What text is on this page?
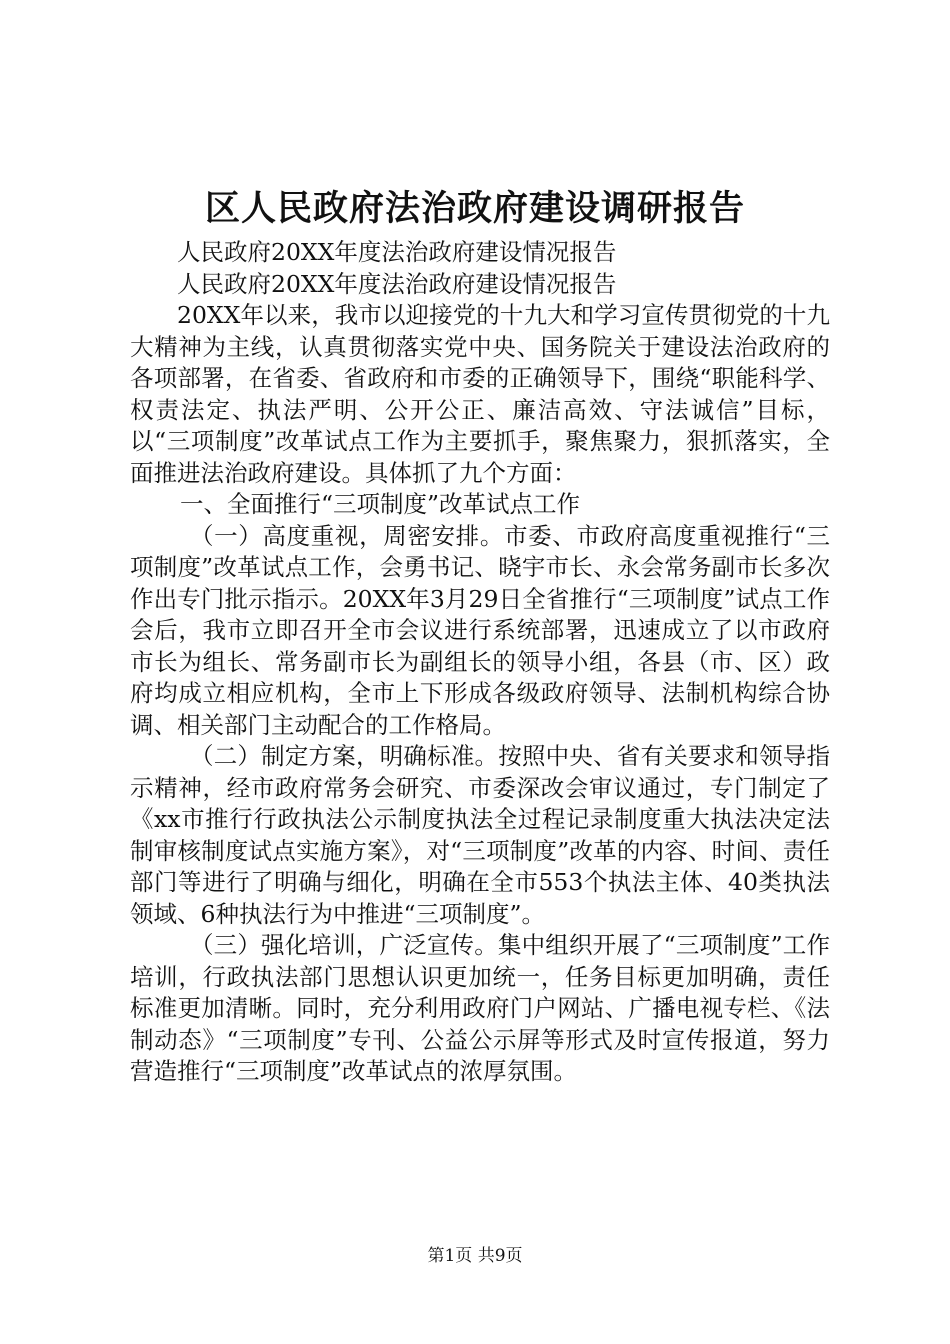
区人民政府法治政府建设调研报告

人民政府20XX年度法治政府建设情况报告

人民政府20XX年度法治政府建设情况报告

20XX年以来，我市以迎接党的十九大和学习宣传贯彻党的十九大精神为主线，认真贯彻落实党中央、国务院关于建设法治政府的各项部署，在省委、省政府和市委的正确领导下，围绕“职能科学、权责法定、执法严明、公开公正、廉洁高效、守法诚信”目标，以“三项制度”改革试点工作为主要抓手，聚焦聚力，狠抓落实，全面推进法治政府建设。具体抓了九个方面：

一、全面推行“三项制度”改革试点工作

（一）高度重视，周密安排。市委、市政府高度重视推行“三项制度”改革试点工作，会勇书记、晓宇市长、永会常务副市长多次作出专门批示指示。20XX年3月29日全省推行“三项制度”试点工作会后，我市立即召开全市会议进行系统部署，迅速成立了以市政府市长为组长、常务副市长为副组长的领导小组，各县（市、区）政府均成立相应机构，全市上下形成各级政府领导、法制机构综合协调、相关部门主动配合的工作格局。

（二）制定方案，明确标准。按照中央、省有关要求和领导指示精神，经市政府常务会研究、市委深改会审议通过，专门制定了《xx市推行行政执法公示制度执法全过程记录制度重大执法决定法制审核制度试点实施方案》，对“三项制度”改革的内容、时间、责任部门等进行了明确与细化，明确在全市553个执法主体、40类执法领域、6种执法行为中推进“三项制度”。

（三）强化培训，广泛宣传。集中组织开展了“三项制度”工作培训，行政执法部门思想认识更加统一，任务目标更加明确，责任标准更加清晰。同时，充分利用政府门户网站、广播电视专栏、《法制动态》“三项制度”专刊、公益公示屏等形式及时宣传报道，努力营造推行“三项制度”改革试点的浓厚氛围。

第1页 共9页
